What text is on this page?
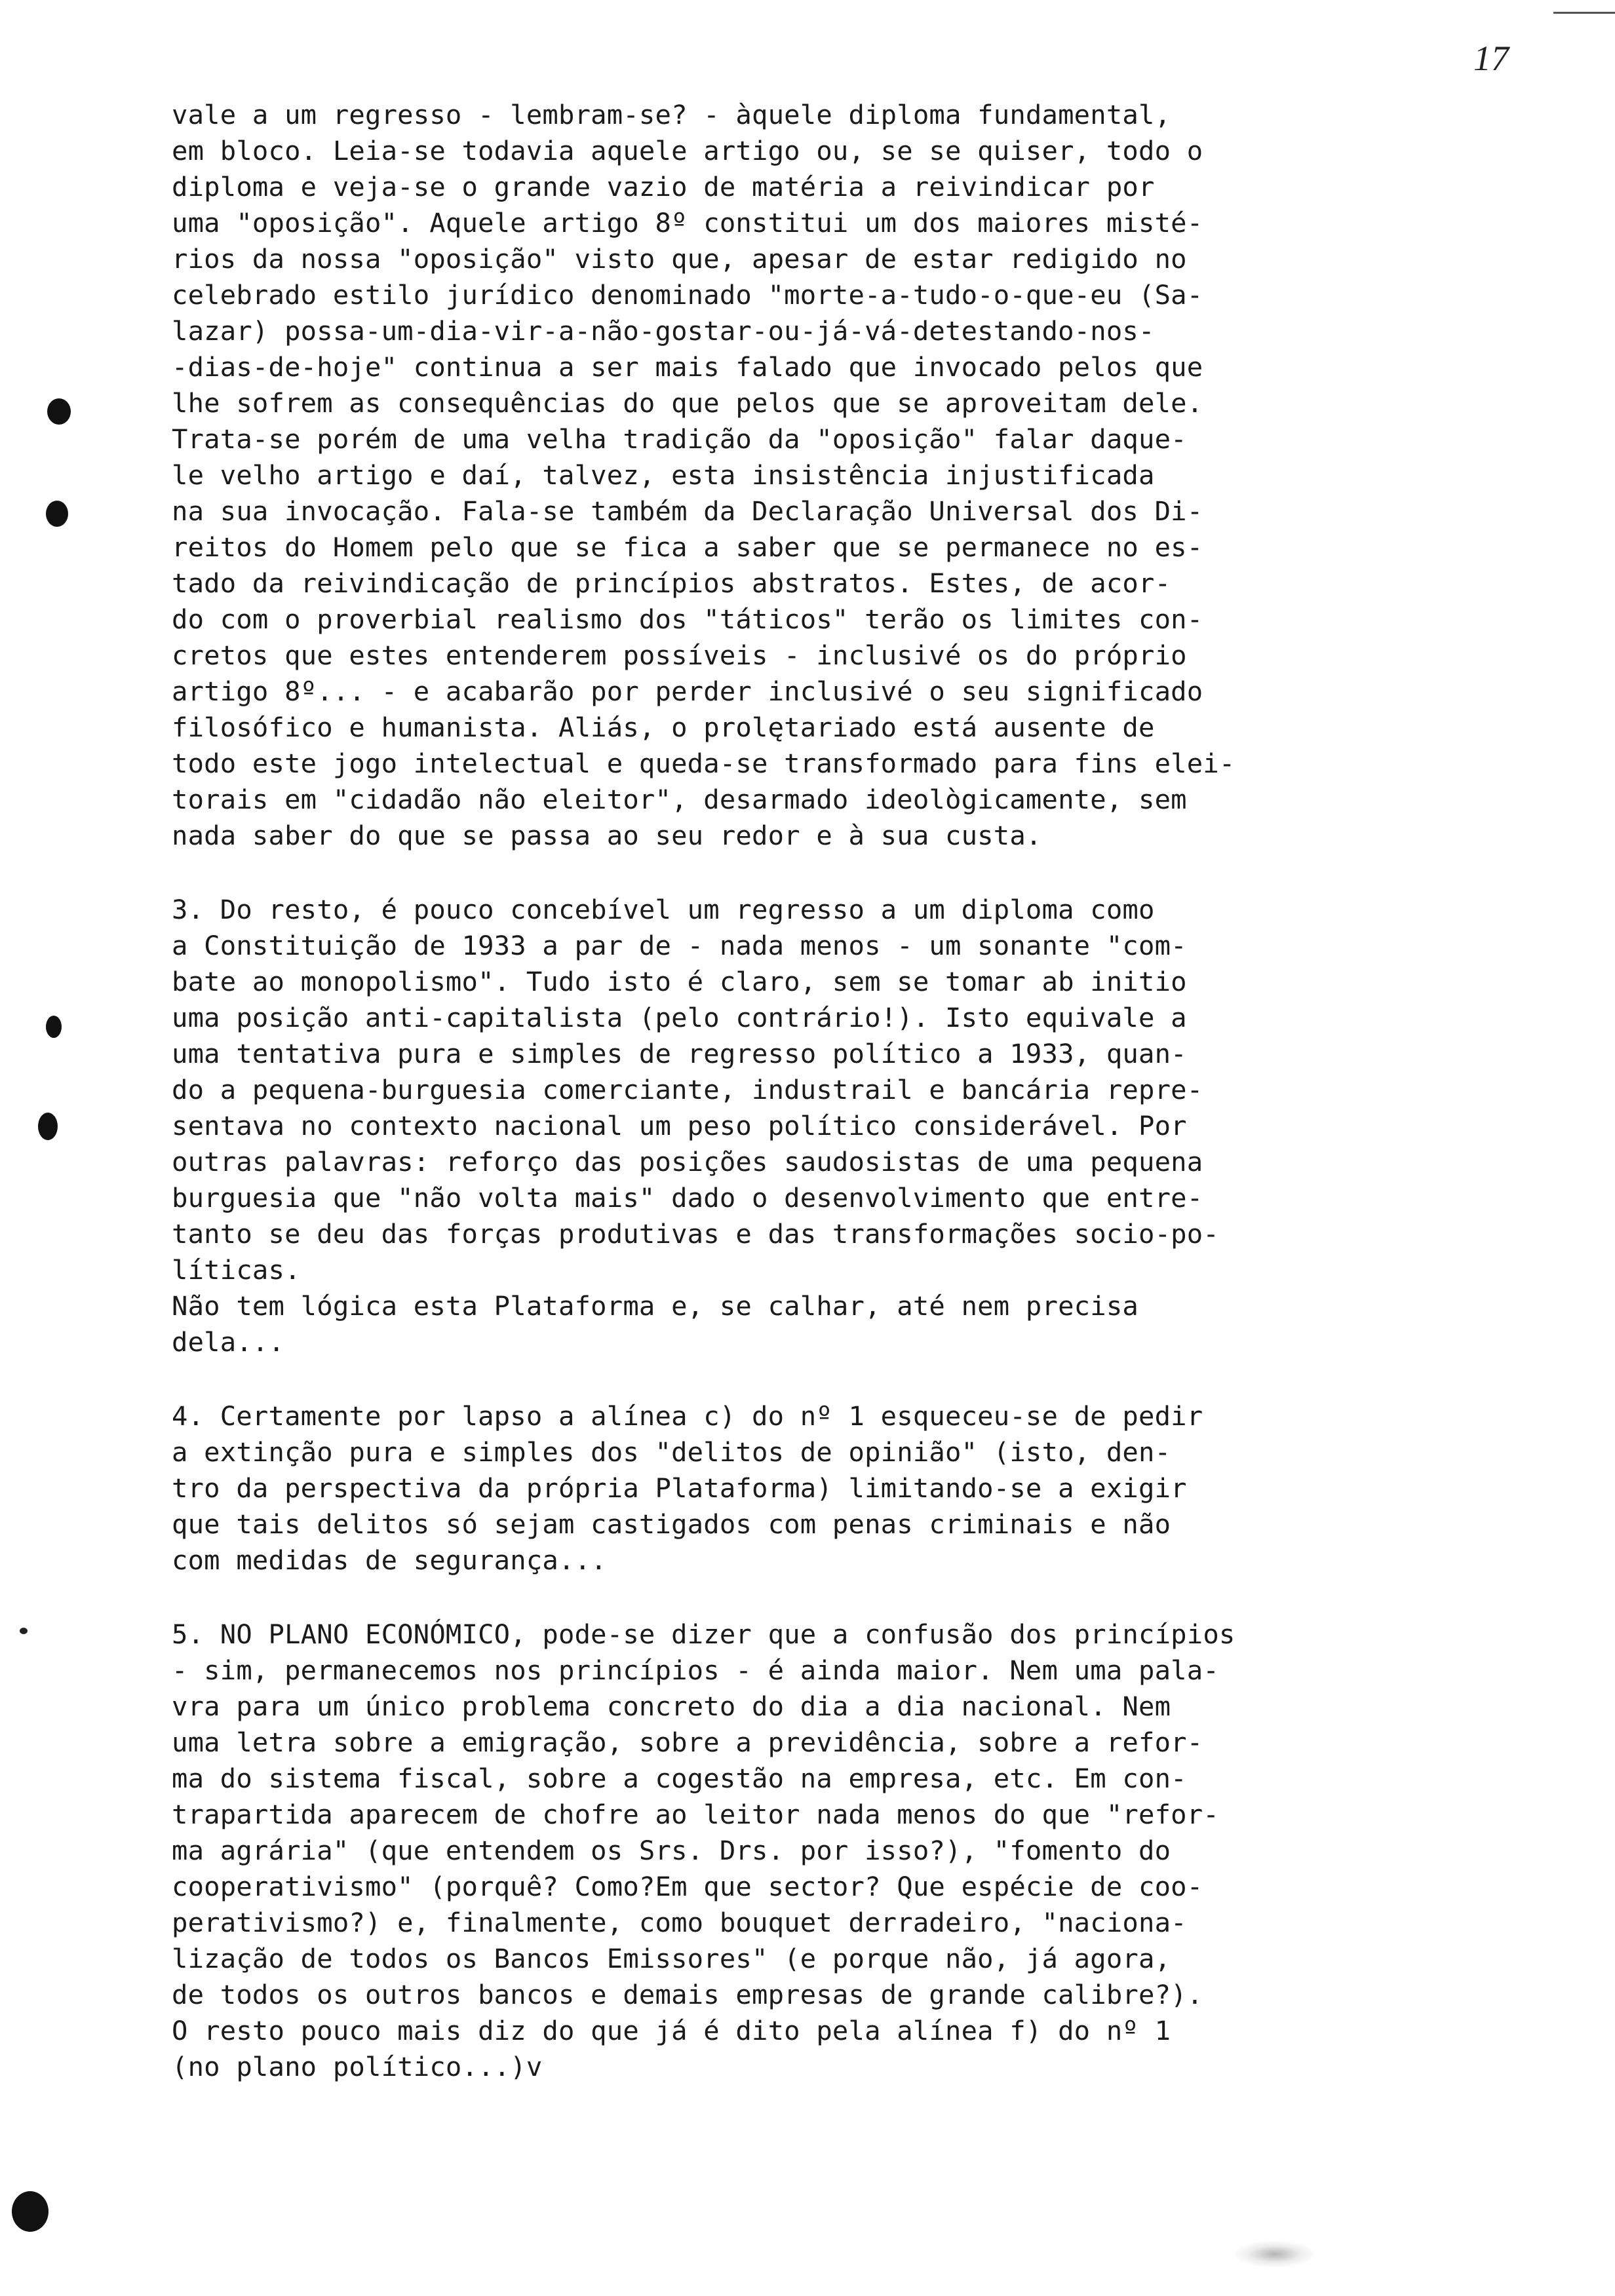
17
vale a um regresso - lembram-se? - àquele diploma fundamental,
em bloco. Leia-se todavia aquele artigo ou, se se quiser, todo o
diploma e veja-se o grande vazio de matéria a reivindicar por
uma "oposição". Aquele artigo 8º constitui um dos maiores misté-
rios da nossa "oposição" visto que, apesar de estar redigido no
celebrado estilo jurídico denominado "morte-a-tudo-o-que-eu (Sa-
lazar) possa-um-dia-vir-a-não-gostar-ou-já-vá-detestando-nos-
-dias-de-hoje" continua a ser mais falado que invocado pelos que
lhe sofrem as consequências do que pelos que se aproveitam dele.
Trata-se porém de uma velha tradição da "oposição" falar daque-
le velho artigo e daí, talvez, esta insistência injustificada
na sua invocação. Fala-se também da Declaração Universal dos Di-
reitos do Homem pelo que se fica a saber que se permanece no es-
tado da reivindicação de princípios abstratos. Estes, de acor-
do com o proverbial realismo dos "táticos" terão os limites con-
cretos que estes entenderem possíveis - inclusivé os do próprio
artigo 8º... - e acabarão por perder inclusivé o seu significado
filosófico e humanista. Aliás, o prolętariado está ausente de
todo este jogo intelectual e queda-se transformado para fins elei-
torais em "cidadão não eleitor", desarmado ideològicamente, sem
nada saber do que se passa ao seu redor e à sua custa.
3. Do resto, é pouco concebível um regresso a um diploma como
a Constituição de 1933 a par de - nada menos - um sonante "com-
bate ao monopolismo". Tudo isto é claro, sem se tomar ab initio
uma posição anti-capitalista (pelo contrário!). Isto equivale a
uma tentativa pura e simples de regresso político a 1933, quan-
do a pequena-burguesia comerciante, industrail e bancária repre-
sentava no contexto nacional um peso político considerável. Por
outras palavras: reforço das posições saudosistas de uma pequena
burguesia que "não volta mais" dado o desenvolvimento que entre-
tanto se deu das forças produtivas e das transformações socio-po-
líticas.
Não tem lógica esta Plataforma e, se calhar, até nem precisa
dela...
4. Certamente por lapso a alínea c) do nº 1 esqueceu-se de pedir
a extinção pura e simples dos "delitos de opinião" (isto, den-
tro da perspectiva da própria Plataforma) limitando-se a exigir
que tais delitos só sejam castigados com penas criminais e não
com medidas de segurança...
5. NO PLANO ECONÓMICO, pode-se dizer que a confusão dos princípios
- sim, permanecemos nos princípios - é ainda maior. Nem uma pala-
vra para um único problema concreto do dia a dia nacional. Nem
uma letra sobre a emigração, sobre a previdência, sobre a refor-
ma do sistema fiscal, sobre a cogestão na empresa, etc. Em con-
trapartida aparecem de chofre ao leitor nada menos do que "refor-
ma agrária" (que entendem os Srs. Drs. por isso?), "fomento do
cooperativismo" (porquê? Como?Em que sector? Que espécie de coo-
perativismo?) e, finalmente, como bouquet derradeiro, "naciona-
lização de todos os Bancos Emissores" (e porque não, já agora,
de todos os outros bancos e demais empresas de grande calibre?).
O resto pouco mais diz do que já é dito pela alínea f) do nº 1
(no plano político...)v
